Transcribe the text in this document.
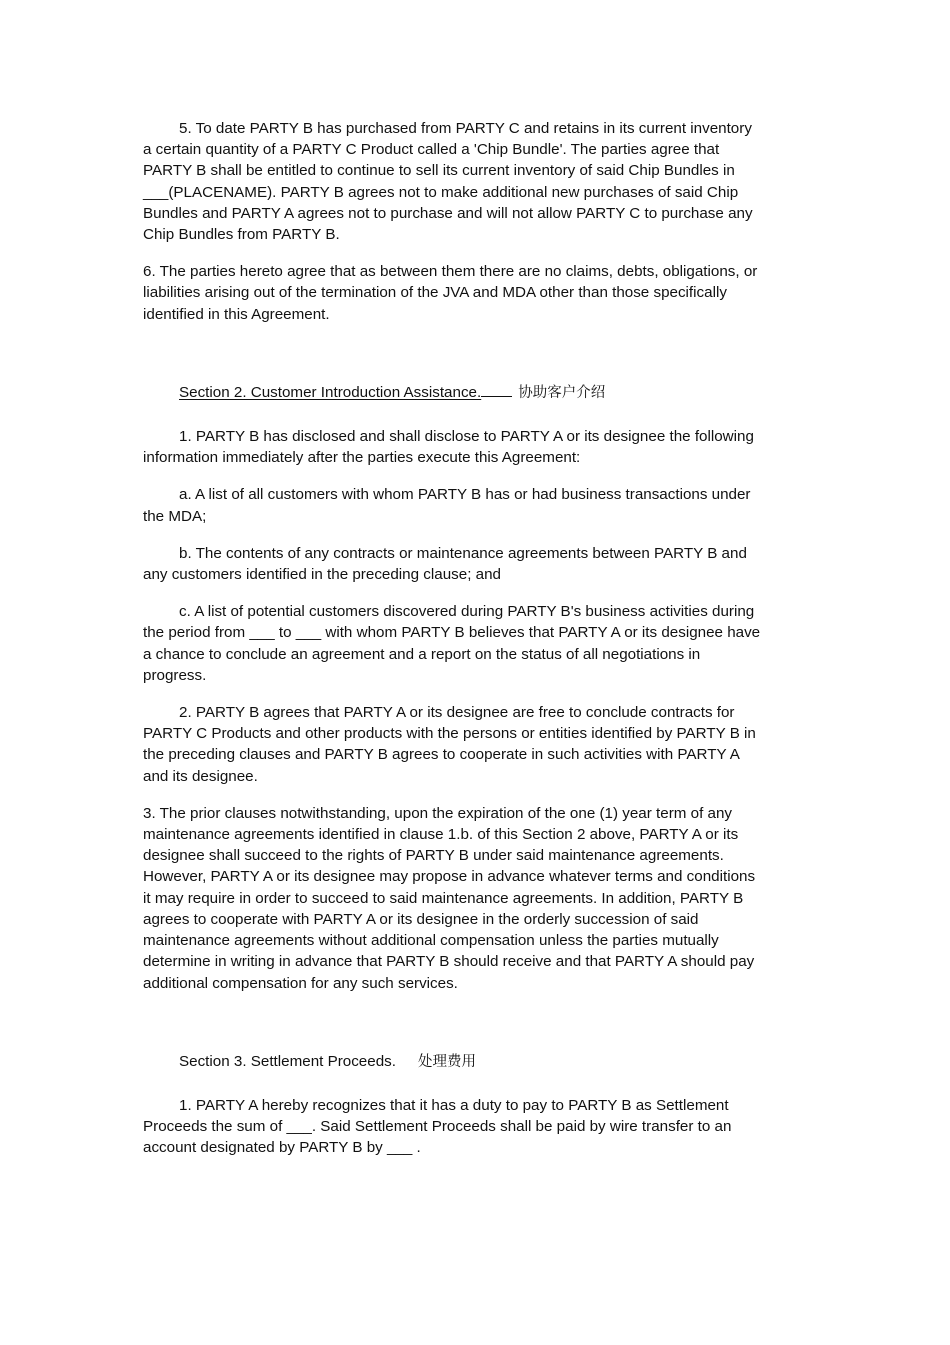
5. To date PARTY B has purchased from PARTY C and retains in its current inventory a certain quantity of a PARTY C Product called a 'Chip Bundle'. The parties agree that PARTY B shall be entitled to continue to sell its current inventory of said Chip Bundles in ___(PLACENAME). PARTY B agrees not to make additional new purchases of said Chip Bundles and PARTY A agrees not to purchase and will not allow PARTY C to purchase any Chip Bundles from PARTY B.

6. The parties hereto agree that as between them there are no claims, debts, obligations, or liabilities arising out of the termination of the JVA and MDA other than those specifically identified in this Agreement.

Section 2. Customer Introduction Assistance.	协助客户介绍

1. PARTY B has disclosed and shall disclose to PARTY A or its designee the following information immediately after the parties execute this Agreement:

a. A list of all customers with whom PARTY B has or had business transactions under the MDA;

b. The contents of any contracts or maintenance agreements between PARTY B and any customers identified in the preceding clause; and

c. A list of potential customers discovered during PARTY B's business activities during the period from ___ to ___ with whom PARTY B believes that PARTY A or its designee have a chance to conclude an agreement and a report on the status of all negotiations in progress.

2. PARTY B agrees that PARTY A or its designee are free to conclude contracts for PARTY C Products and other products with the persons or entities identified by PARTY B in the preceding clauses and PARTY B agrees to cooperate in such activities with PARTY A and its designee.

3. The prior clauses notwithstanding, upon the expiration of the one (1) year term of any maintenance agreements identified in clause 1.b. of this Section 2 above, PARTY A or its designee shall succeed to the rights of PARTY B under said maintenance agreements. However, PARTY A or its designee may propose in advance whatever terms and conditions it may require in order to succeed to said maintenance agreements. In addition, PARTY B agrees to cooperate with PARTY A or its designee in the orderly succession of said maintenance agreements without additional compensation unless the parties mutually determine in writing in advance that PARTY B should receive and that PARTY A should pay additional compensation for any such services.

Section 3. Settlement Proceeds. 处理费用

1. PARTY A hereby recognizes that it has a duty to pay to PARTY B as Settlement Proceeds the sum of ___. Said Settlement Proceeds shall be paid by wire transfer to an account designated by PARTY B by ___ .
